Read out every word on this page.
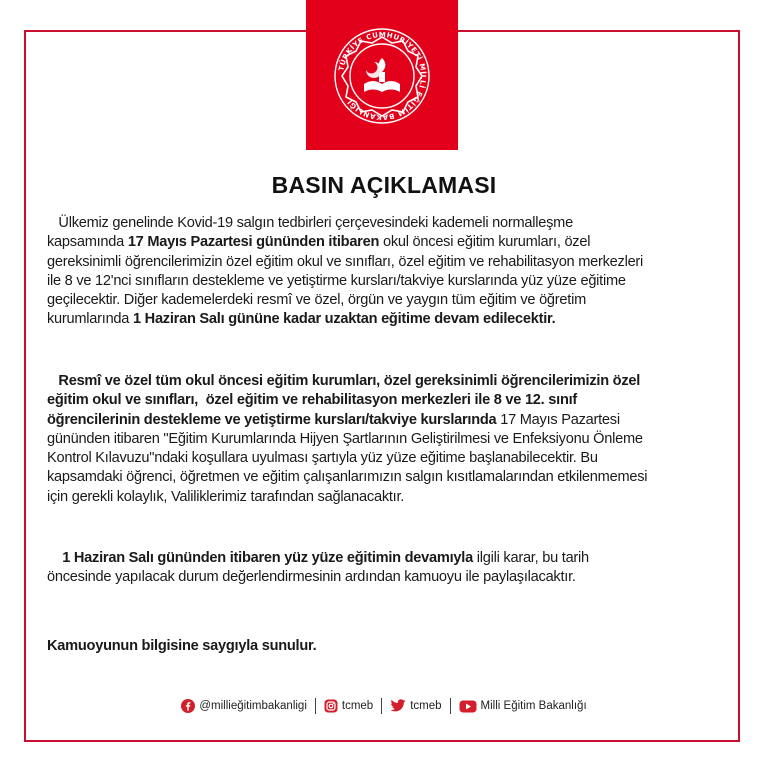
TÜRKİYE CUMHURİYETİ MİLLİ EĞİTİM BAKANLIĞI
BASIN AÇIKLAMASI

Ülkemiz genelinde Kovid-19 salgın tedbirleri çerçevesindeki kademeli normalleşme

kapsamında 17 Mayıs Pazartesi gününden itibaren okul öncesi eğitim kurumları, özel

gereksinimli öğrencilerimizin özel eğitim okul ve sınıfları, özel eğitim ve rehabilitasyon merkezleri

ile 8 ve 12'nci sınıfların destekleme ve yetiştirme kursları/takviye kurslarında yüz yüze eğitime

geçilecektir. Diğer kademelerdeki resmî ve özel, örgün ve yaygın tüm eğitim ve öğretim

kurumlarında 1 Haziran Salı gününe kadar uzaktan eğitime devam edilecektir.

Resmî ve özel tüm okul öncesi eğitim kurumları, özel gereksinimli öğrencilerimizin özel

eğitim okul ve sınıfları,  özel eğitim ve rehabilitasyon merkezleri ile 8 ve 12. sınıf

öğrencilerinin destekleme ve yetiştirme kursları/takviye kurslarında 17 Mayıs Pazartesi

gününden itibaren "Eğitim Kurumlarında Hijyen Şartlarının Geliştirilmesi ve Enfeksiyonu Önleme

Kontrol Kılavuzu"ndaki koşullara uyulması şartıyla yüz yüze eğitime başlanabilecektir. Bu

kapsamdaki öğrenci, öğretmen ve eğitim çalışanlarımızın salgın kısıtlamalarından etkilenmemesi

için gerekli kolaylık, Valiliklerimiz tarafından sağlanacaktır.

1 Haziran Salı gününden itibaren yüz yüze eğitimin devamıyla ilgili karar, bu tarih

öncesinde yapılacak durum değerlendirmesinin ardından kamuoyu ile paylaşılacaktır.

Kamuoyunun bilgisine saygıyla sunulur.
@millieğitimbakanligi	tcmeb	tcmeb	Milli Eğitim Bakanlığı
